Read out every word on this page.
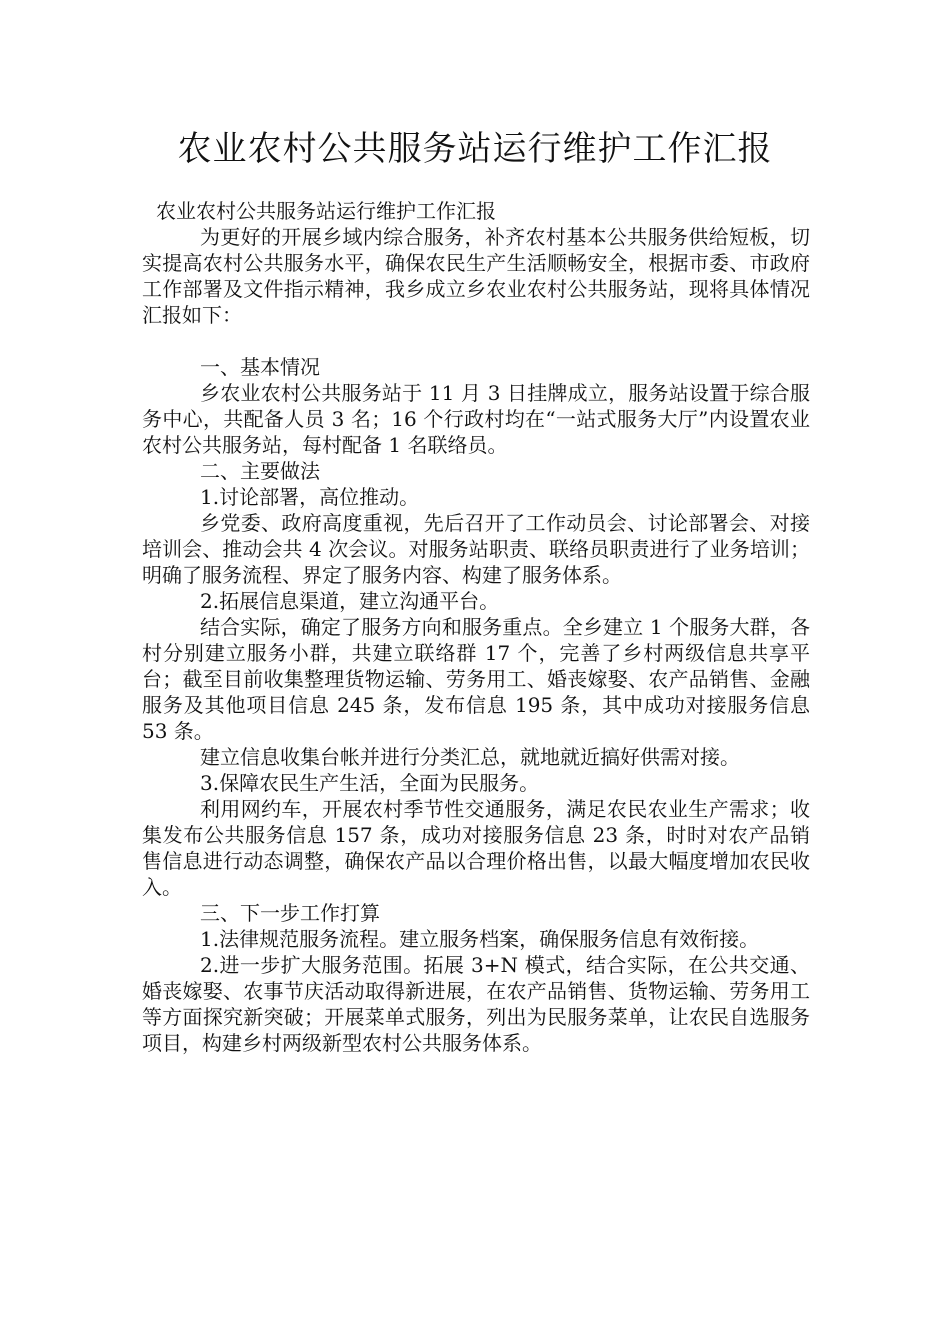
农业农村公共服务站运行维护工作汇报

农业农村公共服务站运行维护工作汇报

为更好的开展乡域内综合服务，补齐农村基本公共服务供给短板，切实提高农村公共服务水平，确保农民生产生活顺畅安全，根据市委、市政府工作部署及文件指示精神，我乡成立乡农业农村公共服务站，现将具体情况汇报如下：

一、基本情况

乡农业农村公共服务站于 11 月 3 日挂牌成立，服务站设置于综合服务中心，共配备人员 3 名；16 个行政村均在“一站式服务大厅”内设置农业农村公共服务站，每村配备 1 名联络员。

二、主要做法

1.讨论部署，高位推动。

乡党委、政府高度重视，先后召开了工作动员会、讨论部署会、对接培训会、推动会共 4 次会议。对服务站职责、联络员职责进行了业务培训；明确了服务流程、界定了服务内容、构建了服务体系。

2.拓展信息渠道，建立沟通平台。

结合实际，确定了服务方向和服务重点。全乡建立 1 个服务大群，各村分别建立服务小群，共建立联络群 17 个，完善了乡村两级信息共享平台；截至目前收集整理货物运输、劳务用工、婚丧嫁娶、农产品销售、金融服务及其他项目信息 245 条，发布信息 195 条，其中成功对接服务信息 53 条。

建立信息收集台帐并进行分类汇总，就地就近搞好供需对接。

3.保障农民生产生活，全面为民服务。

利用网约车，开展农村季节性交通服务，满足农民农业生产需求；收集发布公共服务信息 157 条，成功对接服务信息 23 条，时时对农产品销售信息进行动态调整，确保农产品以合理价格出售，以最大幅度增加农民收入。

三、下一步工作打算

1.法律规范服务流程。建立服务档案，确保服务信息有效衔接。

2.进一步扩大服务范围。拓展 3+N 模式，结合实际，在公共交通、婚丧嫁娶、农事节庆活动取得新进展，在农产品销售、货物运输、劳务用工等方面探究新突破；开展菜单式服务，列出为民服务菜单，让农民自选服务项目，构建乡村两级新型农村公共服务体系。
